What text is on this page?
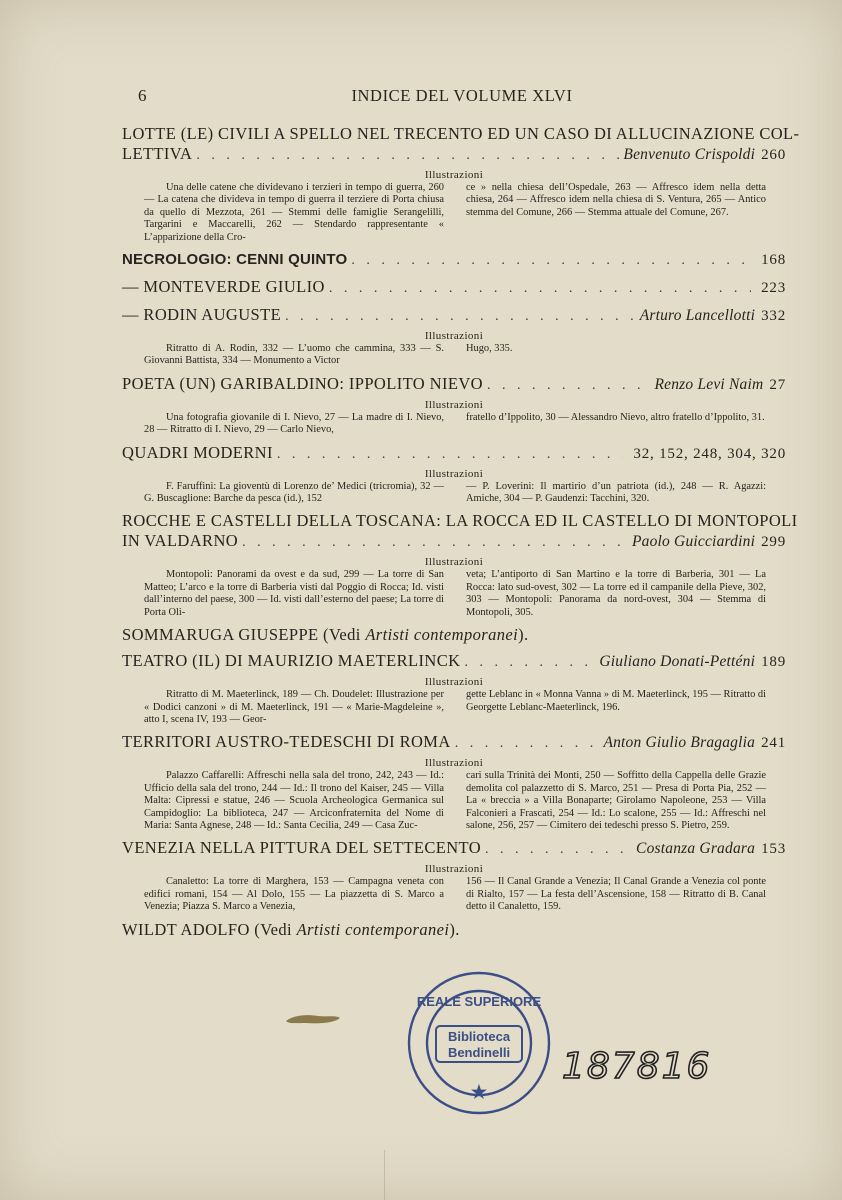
6	INDICE DEL VOLUME XLVI
LOTTE (LE) CIVILI A SPELLO NEL TRECENTO ED UN CASO DI ALLUCINAZIONE COL-
LETTIVA . . .	Benvenuto Crispoldi 260
Illustrazioni

Una delle catene che dividevano i terzieri in tempo di guerra, 260 — La catena che divideva in tempo di guerra il terziere di Porta chiusa da quello di Mezzota, 261 — Stemmi delle famiglie Serangelilli, Targarini e Maccarelli, 262 — Stendardo rappresentante « L’apparizione della Cro-

ce » nella chiesa dell’Ospedale, 263 — Affresco idem nella detta chiesa, 264 — Affresco idem nella chiesa di S. Ventura, 265 — Antico stemma del Comune, 266 — Stemma attuale del Comune, 267.

NECROLOGIO: CENNI QUINTO . . .	168
— MONTEVERDE GIULIO . . .	223
— RODIN AUGUSTE . . .	Arturo Lancellotti 332
Illustrazioni

Ritratto di A. Rodin, 332 — L’uomo che cammina, 333 — S. Giovanni Battista, 334 — Monumento a Victor

Hugo, 335.

POETA (UN) GARIBALDINO: IPPOLITO NIEVO . . .	Renzo Levi Naim 27
Illustrazioni

Una fotografia giovanile di I. Nievo, 27 — La madre di I. Nievo, 28 — Ritratto di I. Nievo, 29 — Carlo Nievo,

fratello d’Ippolito, 30 — Alessandro Nievo, altro fratello d’Ippolito, 31.

QUADRI MODERNI . . .	32, 152, 248, 304, 320
Illustrazioni

F. Faruffini: La gioventù di Lorenzo de’ Medici (tricromia), 32 — G. Buscaglione: Barche da pesca (id.), 152

— P. Loverini: Il martirio d’un patriota (id.), 248 — R. Agazzi: Amiche, 304 — P. Gaudenzi: Tacchini, 320.

ROCCHE E CASTELLI DELLA TOSCANA: LA ROCCA ED IL CASTELLO DI MONTOPOLI
IN VALDARNO . . .	Paolo Guicciardini 299
Illustrazioni

Montopoli: Panorami da ovest e da sud, 299 — La torre di San Matteo; L’arco e la torre di Barberia visti dal Poggio di Rocca; Id. visti dall’interno del paese, 300 — Id. visti dall’esterno del paese; La torre di Porta Oli-

veta; L’antiporto di San Martino e la torre di Barberia, 301 — La Rocca: lato sud-ovest, 302 — La torre ed il campanile della Pieve, 302, 303 — Montopoli: Panorama da nord-ovest, 304 — Stemma di Montopoli, 305.

SOMMARUGA GIUSEPPE (Vedi Artisti contemporanei).
TEATRO (IL) DI MAURIZIO MAETERLINCK . . .	Giuliano Donati-Petténi 189
Illustrazioni

Ritratto di M. Maeterlinck, 189 — Ch. Doudelet: Illustrazione per « Dodici canzoni » di M. Maeterlinck, 191 — « Marie-Magdeleine », atto I, scena IV, 193 — Geor-

gette Leblanc in « Monna Vanna » di M. Maeterlinck, 195 — Ritratto di Georgette Leblanc-Maeterlinck, 196.

TERRITORI AUSTRO-TEDESCHI DI ROMA . . .	Anton Giulio Bragaglia 241
Illustrazioni

Palazzo Caffarelli: Affreschi nella sala del trono, 242, 243 — Id.: Ufficio della sala del trono, 244 — Id.: Il trono del Kaiser, 245 — Villa Malta: Cipressi e statue, 246 — Scuola Archeologica Germanica sul Campidoglio: La biblioteca, 247 — Arciconfraternita del Nome di Maria: Santa Agnese, 248 — Id.: Santa Cecilia, 249 — Casa Zuc-

cari sulla Trinità dei Monti, 250 — Soffitto della Cappella delle Grazie demolita col palazzetto di S. Marco, 251 — Presa di Porta Pia, 252 — La « breccia » a Villa Bonaparte; Girolamo Napoleone, 253 — Villa Falconieri a Frascati, 254 — Id.: Lo scalone, 255 — Id.: Affreschi nel salone, 256, 257 — Cimitero dei tedeschi presso S. Pietro, 259.

VENEZIA NELLA PITTURA DEL SETTECENTO . . .	Costanza Gradara 153
Illustrazioni

Canaletto: La torre di Marghera, 153 — Campagna veneta con edifici romani, 154 — Al Dolo, 155 — La piazzetta di S. Marco a Venezia; Piazza S. Marco a Venezia,

156 — Il Canal Grande a Venezia; Il Canal Grande a Venezia col ponte di Rialto, 157 — La festa dell’Ascensione, 158 — Ritratto di B. Canal detto il Canaletto, 159.

WILDT ADOLFO (Vedi Artisti contemporanei).
REALE SUPERIORE
Biblioteca
Bendinelli
★
187816
